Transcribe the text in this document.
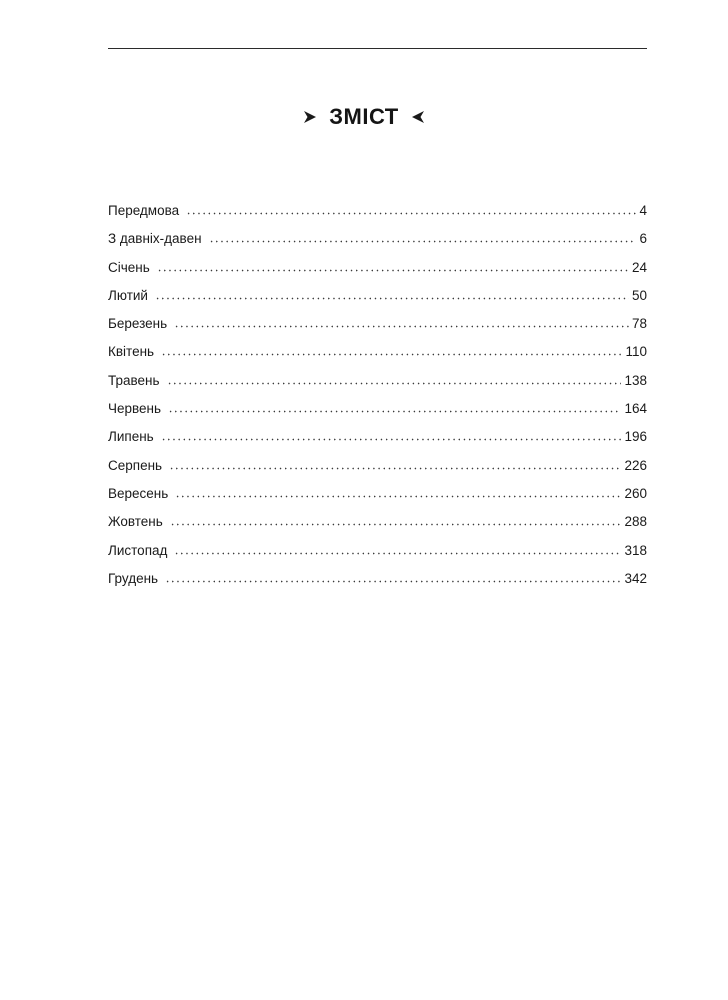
ЗМІСТ
Передмова	4
З давніх-давен	6
Січень	24
Лютий	50
Березень	78
Квітень	110
Травень	138
Червень	164
Липень	196
Серпень	226
Вересень	260
Жовтень	288
Листопад	318
Грудень	342
